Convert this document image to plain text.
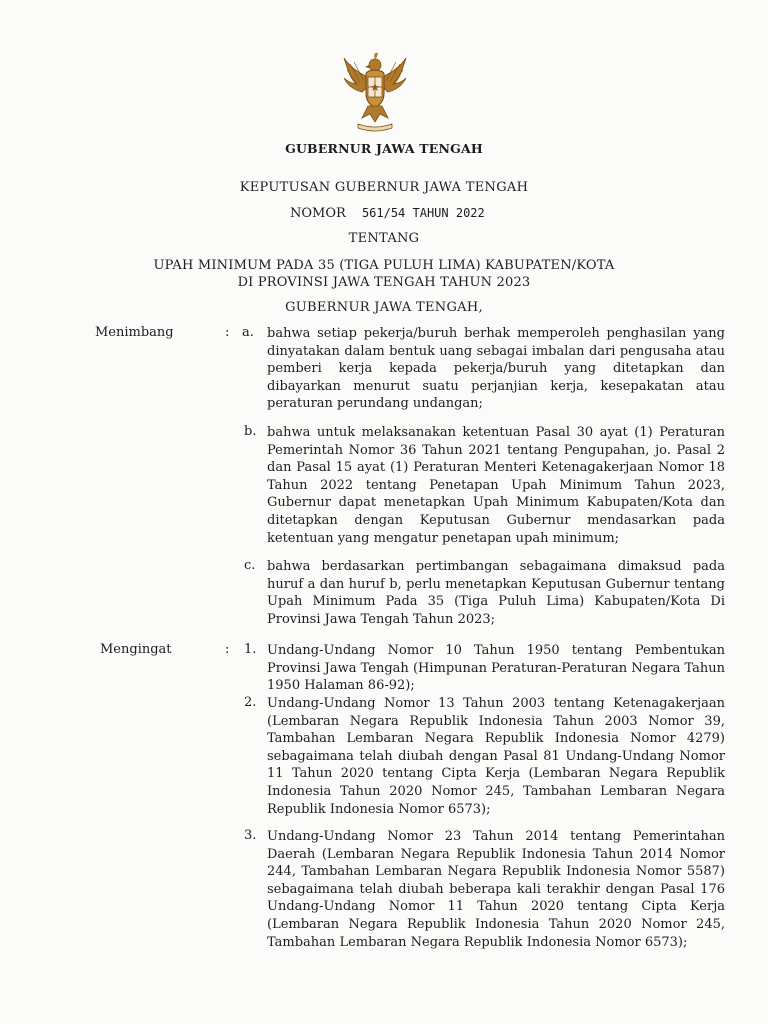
GUBERNUR JAWA TENGAH
KEPUTUSAN GUBERNUR JAWA TENGAH
NOMOR 561/54 TAHUN 2022
TENTANG
UPAH MINIMUM PADA 35 (TIGA PULUH LIMA) KABUPATEN/KOTA
DI PROVINSI JAWA TENGAH TAHUN 2023
GUBERNUR JAWA TENGAH,
Menimbang	: a. bahwa setiap pekerja/buruh berhak memperoleh penghasilan yang dinyatakan dalam bentuk uang sebagai imbalan dari pengusaha atau pemberi kerja kepada pekerja/buruh yang ditetapkan dan dibayarkan menurut suatu perjanjian kerja, kesepakatan atau peraturan perundang undangan;

b. bahwa untuk melaksanakan ketentuan Pasal 30 ayat (1) Peraturan Pemerintah Nomor 36 Tahun 2021 tentang Pengupahan, jo. Pasal 2 dan Pasal 15 ayat (1) Peraturan Menteri Ketenagakerjaan Nomor 18 Tahun 2022 tentang Penetapan Upah Minimum Tahun 2023, Gubernur dapat menetapkan Upah Minimum Kabupaten/Kota dan ditetapkan dengan Keputusan Gubernur mendasarkan pada ketentuan yang mengatur penetapan upah minimum;

c. bahwa berdasarkan pertimbangan sebagaimana dimaksud pada huruf a dan huruf b, perlu menetapkan Keputusan Gubernur tentang Upah Minimum Pada 35 (Tiga Puluh Lima) Kabupaten/Kota Di Provinsi Jawa Tengah Tahun 2023;

Mengingat	: 1. Undang-Undang Nomor 10 Tahun 1950 tentang Pembentukan Provinsi Jawa Tengah (Himpunan Peraturan-Peraturan Negara Tahun 1950 Halaman 86-92);

2. Undang-Undang Nomor 13 Tahun 2003 tentang Ketenagakerjaan (Lembaran Negara Republik Indonesia Tahun 2003 Nomor 39, Tambahan Lembaran Negara Republik Indonesia Nomor 4279) sebagaimana telah diubah dengan Pasal 81 Undang-Undang Nomor 11 Tahun 2020 tentang Cipta Kerja (Lembaran Negara Republik Indonesia Tahun 2020 Nomor 245, Tambahan Lembaran Negara Republik Indonesia Nomor 6573);

3. Undang-Undang Nomor 23 Tahun 2014 tentang Pemerintahan Daerah (Lembaran Negara Republik Indonesia Tahun 2014 Nomor 244, Tambahan Lembaran Negara Republik Indonesia Nomor 5587) sebagaimana telah diubah beberapa kali terakhir dengan Pasal 176 Undang-Undang Nomor 11 Tahun 2020 tentang Cipta Kerja (Lembaran Negara Republik Indonesia Tahun 2020 Nomor 245, Tambahan Lembaran Negara Republik Indonesia Nomor 6573);
